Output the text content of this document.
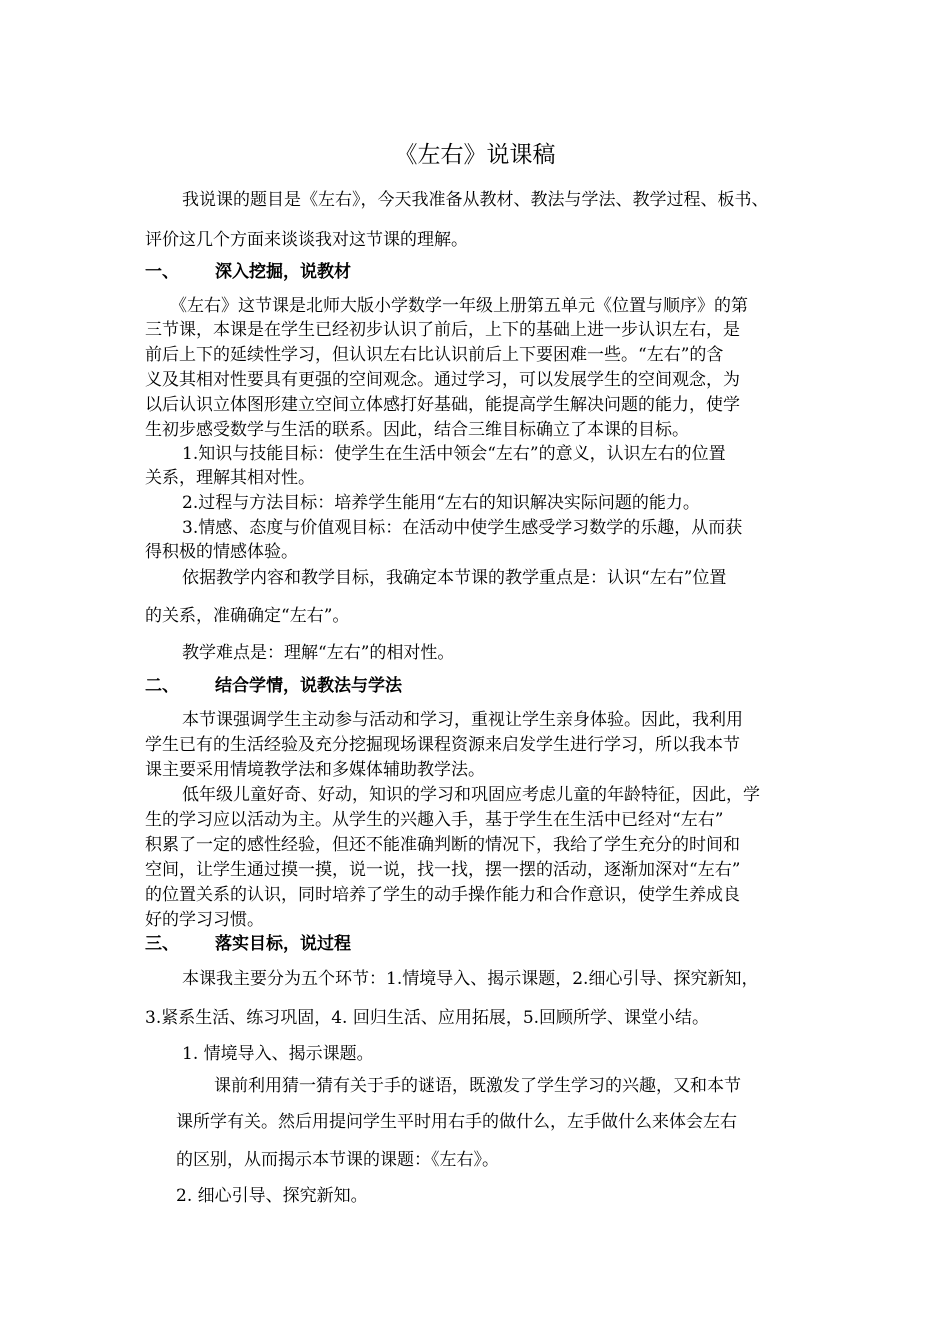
《左右》说课稿
我说课的题目是《左右》，今天我准备从教材、教法与学法、教学过程、板书、
评价这几个方面来谈谈我对这节课的理解。
一、 深入挖掘，说教材
《左右》这节课是北师大版小学数学一年级上册第五单元《位置与顺序》的第
三节课，本课是在学生已经初步认识了前后，上下的基础上进一步认识左右，是
前后上下的延续性学习，但认识左右比认识前后上下要困难一些。“左右”的含
义及其相对性要具有更强的空间观念。通过学习，可以发展学生的空间观念，为
以后认识立体图形建立空间立体感打好基础，能提高学生解决问题的能力，使学
生初步感受数学与生活的联系。因此，结合三维目标确立了本课的目标。
1.知识与技能目标：使学生在生活中领会“左右”的意义，认识左右的位置
关系，理解其相对性。
2.过程与方法目标：培养学生能用“左右的知识解决实际问题的能力。
3.情感、态度与价值观目标：在活动中使学生感受学习数学的乐趣，从而获
得积极的情感体验。
依据教学内容和教学目标，我确定本节课的教学重点是：认识“左右”位置
的关系，准确确定“左右”。
教学难点是：理解“左右”的相对性。
二、 结合学情，说教法与学法
本节课强调学生主动参与活动和学习，重视让学生亲身体验。因此，我利用
学生已有的生活经验及充分挖掘现场课程资源来启发学生进行学习，所以我本节
课主要采用情境教学法和多媒体辅助教学法。
低年级儿童好奇、好动，知识的学习和巩固应考虑儿童的年龄特征，因此，学
生的学习应以活动为主。从学生的兴趣入手，基于学生在生活中已经对“左右”
积累了一定的感性经验，但还不能准确判断的情况下，我给了学生充分的时间和
空间，让学生通过摸一摸，说一说，找一找，摆一摆的活动，逐渐加深对“左右”
的位置关系的认识，同时培养了学生的动手操作能力和合作意识，使学生养成良
好的学习习惯。
三、 落实目标，说过程
本课我主要分为五个环节：1.情境导入、揭示课题，2.细心引导、探究新知，
3.紧系生活、练习巩固，4. 回归生活、应用拓展，5.回顾所学、课堂小结。
1. 情境导入、揭示课题。
课前利用猜一猜有关于手的谜语，既激发了学生学习的兴趣，又和本节
课所学有关。然后用提问学生平时用右手的做什么，左手做什么来体会左右
的区别，从而揭示本节课的课题：《左右》。
2. 细心引导、探究新知。
